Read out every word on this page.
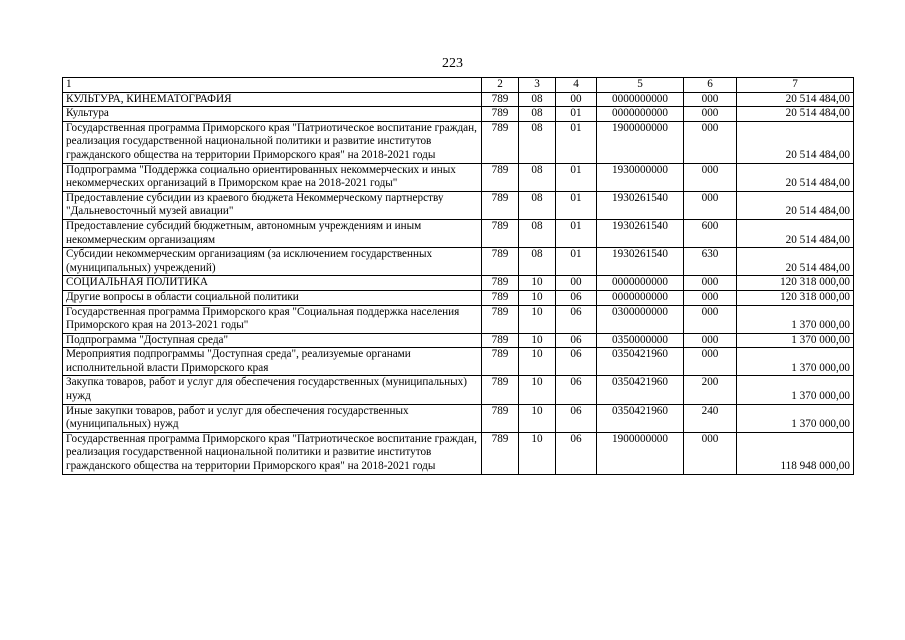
223
1	2	3	4	5	6	7
КУЛЬТУРА, КИНЕМАТОГРАФИЯ	789	08	00	0000000000	000	20 514 484,00
Культура	789	08	01	0000000000	000	20 514 484,00
Государственная программа Приморского края "Патриотическое воспитание граждан, реализация государственной национальной политики и развитие институтов гражданского общества на территории Приморского края" на 2018-2021 годы	789	08	01	1900000000	000	20 514 484,00
Подпрограмма "Поддержка социально ориентированных некоммерческих и иных некоммерческих организаций в Приморском крае на 2018-2021 годы"	789	08	01	1930000000	000	20 514 484,00
Предоставление субсидии из краевого бюджета Некоммерческому партнерству "Дальневосточный музей авиации"	789	08	01	1930261540	000	20 514 484,00
Предоставление субсидий бюджетным, автономным учреждениям и иным некоммерческим организациям	789	08	01	1930261540	600	20 514 484,00
Субсидии некоммерческим организациям (за исключением государственных (муниципальных) учреждений)	789	08	01	1930261540	630	20 514 484,00
СОЦИАЛЬНАЯ ПОЛИТИКА	789	10	00	0000000000	000	120 318 000,00
Другие вопросы в области социальной политики	789	10	06	0000000000	000	120 318 000,00
Государственная программа Приморского края "Социальная поддержка населения Приморского края на 2013-2021 годы"	789	10	06	0300000000	000	1 370 000,00
Подпрограмма "Доступная среда"	789	10	06	0350000000	000	1 370 000,00
Мероприятия подпрограммы "Доступная среда", реализуемые органами исполнительной власти Приморского края	789	10	06	0350421960	000	1 370 000,00
Закупка товаров, работ и услуг для обеспечения государственных (муниципальных) нужд	789	10	06	0350421960	200	1 370 000,00
Иные закупки товаров, работ и услуг для обеспечения государственных (муниципальных) нужд	789	10	06	0350421960	240	1 370 000,00
Государственная программа Приморского края "Патриотическое воспитание граждан, реализация государственной национальной политики и развитие институтов гражданского общества на территории Приморского края" на 2018-2021 годы	789	10	06	1900000000	000	118 948 000,00
